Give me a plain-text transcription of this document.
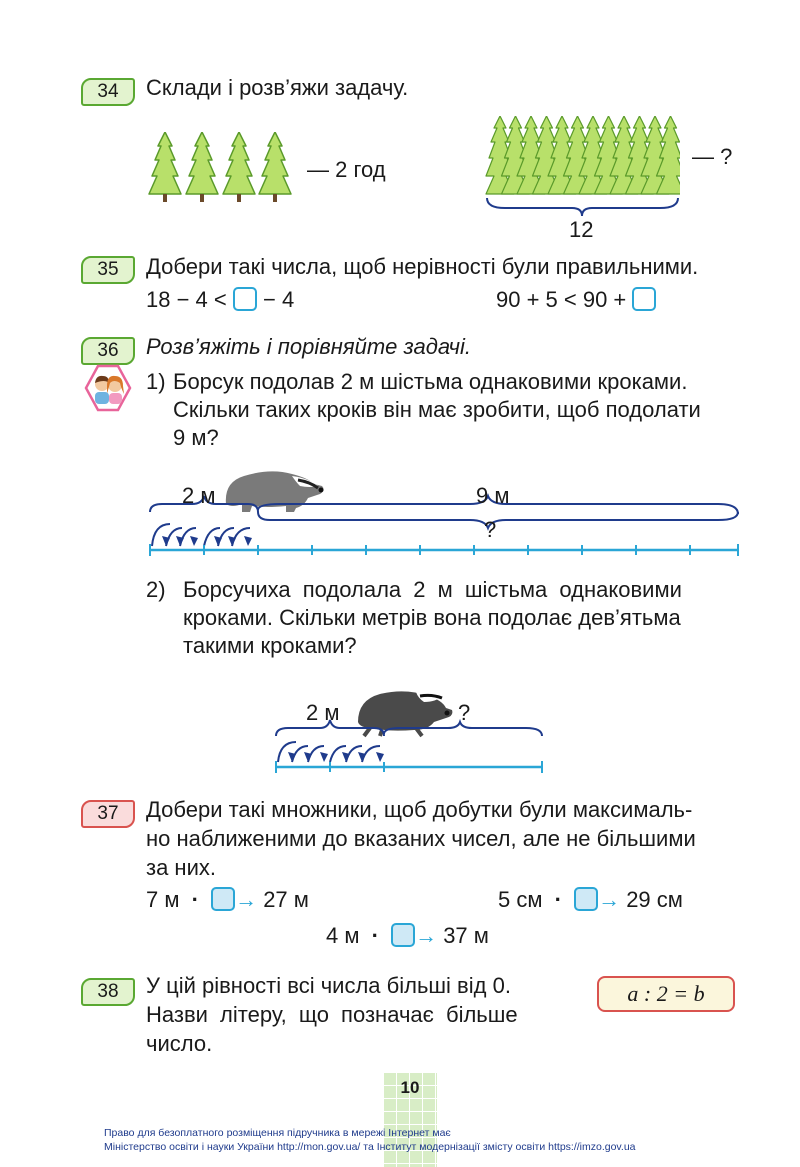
34	Склади і розв’яжи задачу.
— 2 год
— ?
12
35	Добери такі числа, щоб нерівності були правильними.
18 − 4 < − 4	90 + 5 < 90 +
36	Розв’яжіть і порівняйте задачі.
1) Борсук подолав 2 м шістьма однаковими кроками.
Скільки таких кроків він має зробити, щоб подолати
9 м?
2 м	9 м
?
2) Борсучиха подолала 2 м шістьма однаковими
кроками. Скільки метрів вона подолає дев’ятьма
такими кроками?
2 м	?
37	Добери такі множники, щоб добутки були максималь-
но наближеними до вказаних чисел, але не більшими
за них.
7 м · → 27 м	5 см · → 29 см
4 м · → 37 м
38	У цій рівності всі числа більші від 0.
Назви літеру, що позначає більше
число.
a : 2 = b
10
Право для безоплатного розміщення підручника в мережі Інтернет має
Міністерство освіти і науки України http://mon.gov.ua/ та Інститут модернізації змісту освіти https://imzo.gov.ua
